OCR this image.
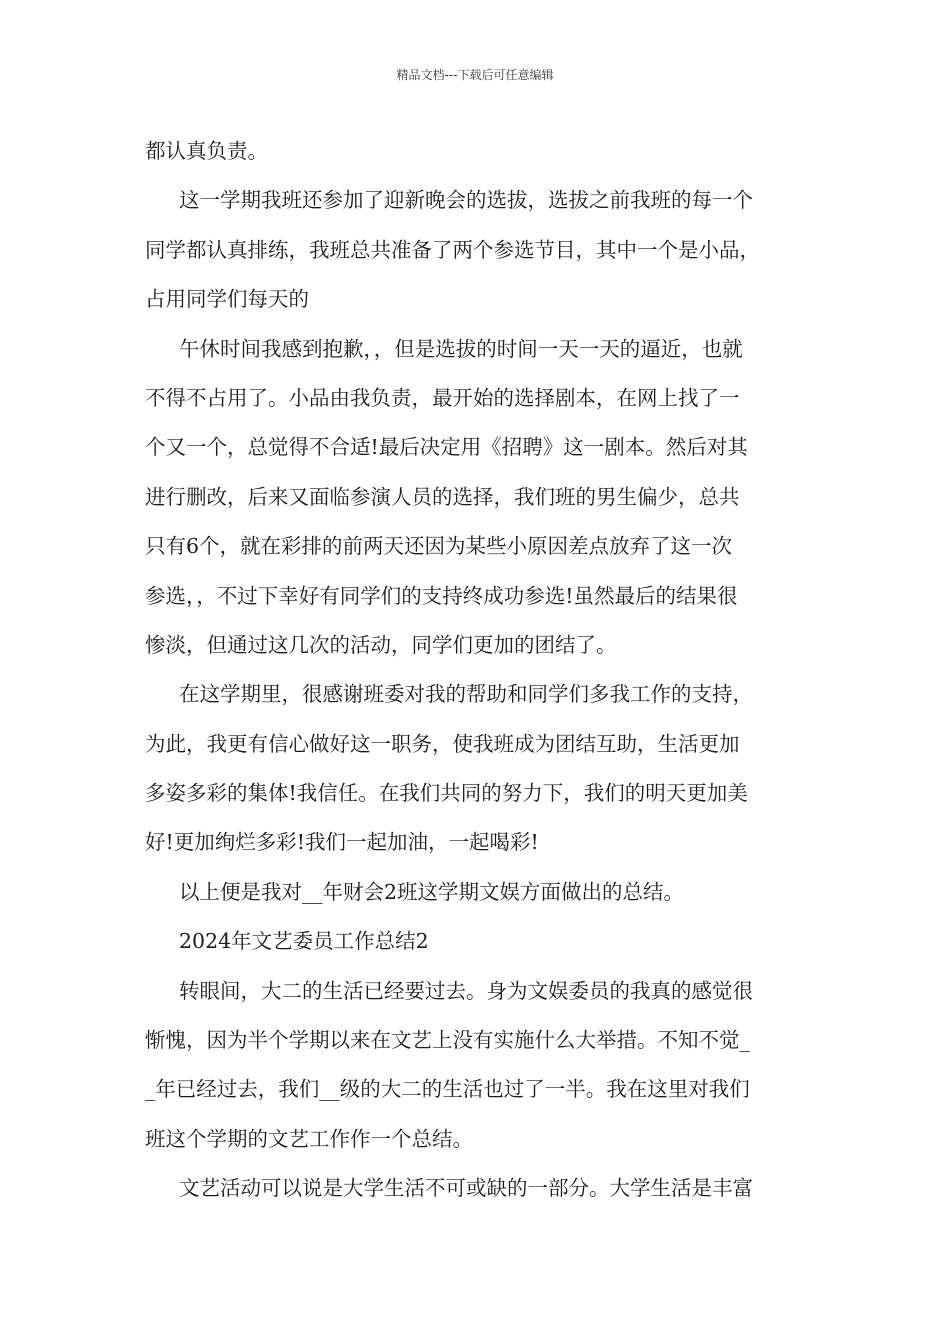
精品文档---下载后可任意编辑
都认真负责。
这一学期我班还参加了迎新晚会的选拔，选拔之前我班的每一个
同学都认真排练，我班总共准备了两个参选节目，其中一个是小品，
占用同学们每天的
午休时间我感到抱歉，，但是选拔的时间一天一天的逼近，也就
不得不占用了。小品由我负责，最开始的选择剧本，在网上找了一
个又一个，总觉得不合适!最后决定用《招聘》这一剧本。然后对其
进行删改，后来又面临参演人员的选择，我们班的男生偏少，总共
只有6个，就在彩排的前两天还因为某些小原因差点放弃了这一次
参选，，不过下幸好有同学们的支持终成功参选!虽然最后的结果很
惨淡，但通过这几次的活动，同学们更加的团结了。
在这学期里，很感谢班委对我的帮助和同学们多我工作的支持，
为此，我更有信心做好这一职务，使我班成为团结互助，生活更加
多姿多彩的集体!我信任。在我们共同的努力下，我们的明天更加美
好!更加绚烂多彩!我们一起加油，一起喝彩!
以上便是我对__年财会2班这学期文娱方面做出的总结。
2024年文艺委员工作总结2
转眼间，大二的生活已经要过去。身为文娱委员的我真的感觉很
惭愧，因为半个学期以来在文艺上没有实施什么大举措。不知不觉_
_年已经过去，我们__级的大二的生活也过了一半。我在这里对我们
班这个学期的文艺工作作一个总结。
文艺活动可以说是大学生活不可或缺的一部分。大学生活是丰富
